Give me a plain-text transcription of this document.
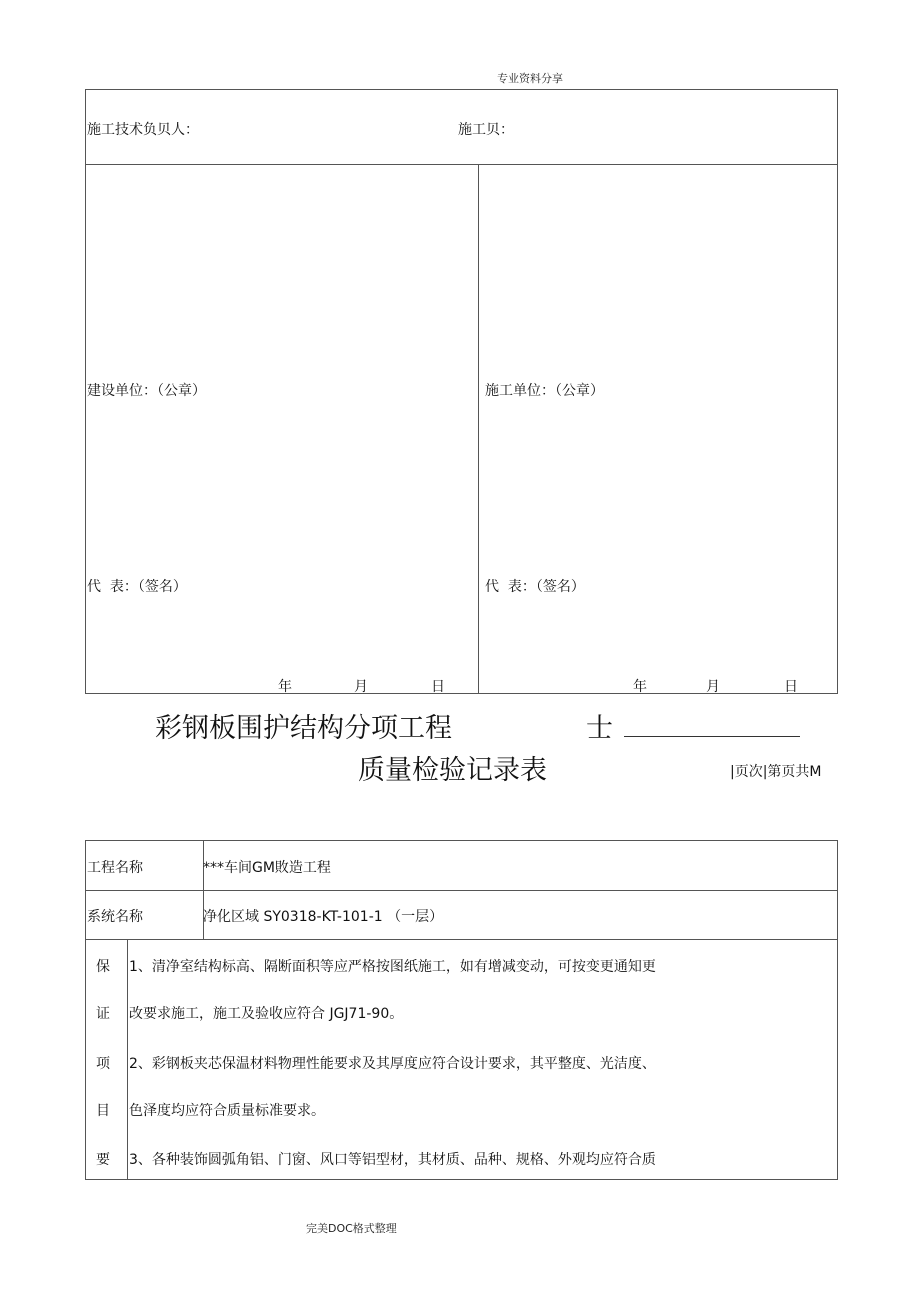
专业资料分享
施工技术负贝人：	施工贝：
建设单位：（公章）	施工单位：（公章）
代  表：（签名）	代  表：（签名）
年	月	日	年	月	日
彩钢板围护结构分项工程	士
质量检验记录表	|页次|第页共M
工程名称	***车间GM敗造工程
系统名称	净化区域 SY0318-KT-101-1 （一层）
保
证
项
目
要
1、清净室结构标高、隔断面积等应严格按图纸施工，如有增减变动，可按变更通知更
改要求施工，施工及验收应符合 JGJ71-90。
2、彩钢板夹芯保温材料物理性能要求及其厚度应符合设计要求，其平整度、光洁度、
色泽度均应符合质量标准要求。
3、各种装饰圆弧角铝、门窗、风口等铝型材，其材质、品种、规格、外观均应符合质
完美DOC格式整理
